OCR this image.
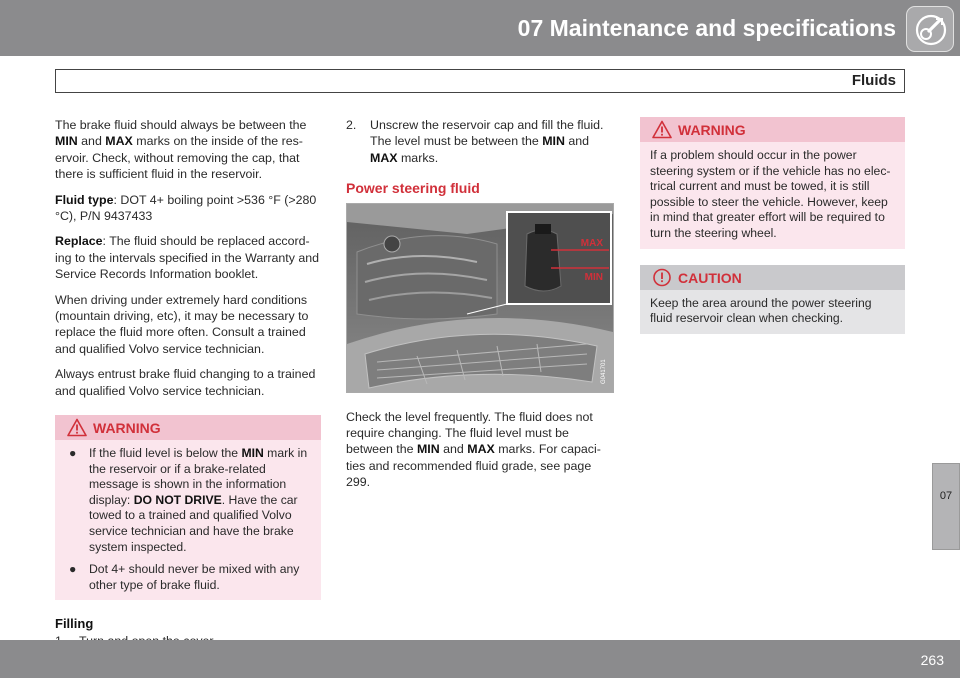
07 Maintenance and specifications
Fluids

The brake fluid should always be between the MIN and MAX marks on the inside of the res-ervoir. Check, without removing the cap, that there is sufficient fluid in the reservoir.

Fluid type: DOT 4+ boiling point >536 °F (>280 °C), P/N 9437433

Replace: The fluid should be replaced accord-ing to the intervals specified in the Warranty and Service Records Information booklet.

When driving under extremely hard conditions (mountain driving, etc), it may be necessary to replace the fluid more often. Consult a trained and qualified Volvo service technician.

Always entrust brake fluid changing to a trained and qualified Volvo service technician.

WARNING
● If the fluid level is below the MIN mark in the reservoir or if a brake-related message is shown in the information display: DO NOT DRIVE. Have the car towed to a trained and qualified Volvo service technician and have the brake system inspected.
● Dot 4+ should never be mixed with any other type of brake fluid.
Filling
2. Unscrew the reservoir cap and fill the fluid. The level must be between the MIN and MAX marks.
Power steering fluid
MAX
MIN
G041701

Check the level frequently. The fluid does not require changing. The fluid level must be between the MIN and MAX marks. For capaci-ties and recommended fluid grade, see page 299.

WARNING
If a problem should occur in the power steering system or if the vehicle has no elec-trical current and must be towed, it is still possible to steer the vehicle. However, keep in mind that greater effort will be required to turn the steering wheel.
CAUTION
Keep the area around the power steering fluid reservoir clean when checking.
07
263
